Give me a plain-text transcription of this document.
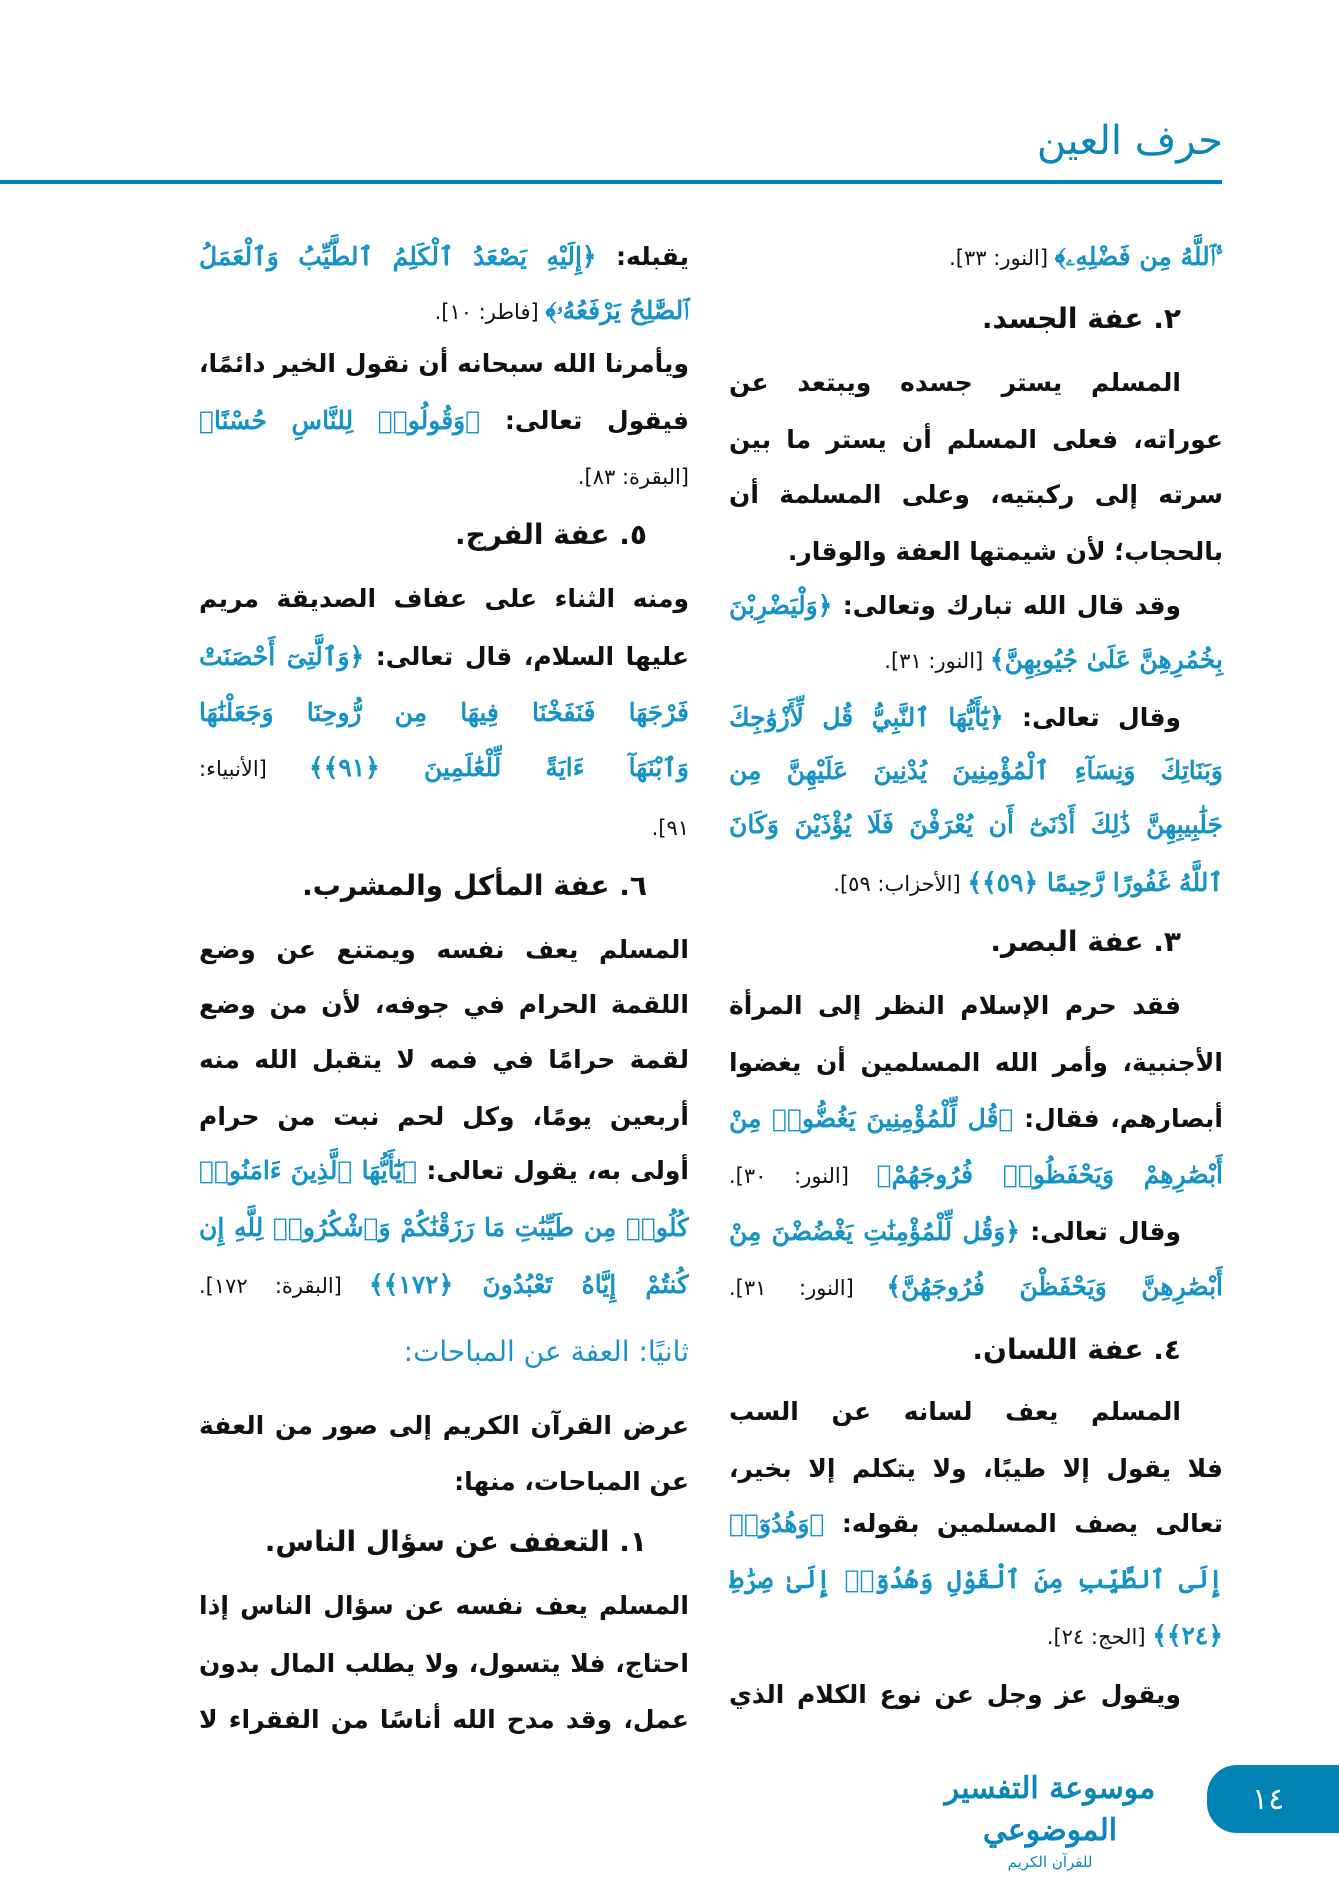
حرف العين
ﱡٱللَّهُ مِن فَضْلِهِۦ﴾ [النور: ٣٣].
٢. عفة الجسد.
المسلم يستر جسده ويبتعد عن
عوراته، فعلى المسلم أن يستر ما بين
سرته إلى ركبتيه، وعلى المسلمة أن
بالحجاب؛ لأن شيمتها العفة والوقار.
وقد قال الله تبارك وتعالى: ﴿وَلْيَضْرِبْنَ
بِخُمُرِهِنَّ عَلَىٰ جُيُوبِهِنَّ﴾ [النور: ٣١].
وقال تعالى: ﴿يَٰٓأَيُّهَا ٱلنَّبِيُّ قُل لِّأَزْوَٰجِكَ
وَبَنَاتِكَ وَنِسَآءِ ٱلْمُؤْمِنِينَ يُدْنِينَ عَلَيْهِنَّ مِن
جَلَٰبِيبِهِنَّ ذَٰلِكَ أَدْنَىٰٓ أَن يُعْرَفْنَ فَلَا يُؤْذَيْنَ وَكَانَ
ٱللَّهُ غَفُورًا رَّحِيمًا ﴿٥٩﴾﴾ [الأحزاب: ٥٩].
٣. عفة البصر.
فقد حرم الإسلام النظر إلى المرأة
الأجنبية، وأمر الله المسلمين أن يغضوا
أبصارهم، فقال: ﴿قُل لِّلْمُؤْمِنِينَ يَغُضُّوا۟ مِنْ
أَبْصَٰرِهِمْ وَيَحْفَظُوا۟ فُرُوجَهُمْ﴾ [النور: ٣٠].
وقال تعالى: ﴿وَقُل لِّلْمُؤْمِنَٰتِ يَغْضُضْنَ مِنْ
أَبْصَٰرِهِنَّ وَيَحْفَظْنَ فُرُوجَهُنَّ﴾ [النور: ٣١].
٤. عفة اللسان.
المسلم يعف لسانه عن السب
فلا يقول إلا طيبًا، ولا يتكلم إلا بخير،
تعالى يصف المسلمين بقوله: ﴿وَهُدُوٓا۟
إِلَى ٱلطَّيِّبِ مِنَ ٱلْقَوْلِ وَهُدُوٓا۟ إِلَىٰ صِرَٰطِ
﴿٢٤﴾﴾ [الحج: ٢٤].
ويقول عز وجل عن نوع الكلام الذي
يقبله: ﴿إِلَيْهِ يَصْعَدُ ٱلْكَلِمُ ٱلطَّيِّبُ وَٱلْعَمَلُ
ٱلصَّٰلِحُ يَرْفَعُهُۥ﴾ [فاطر: ١٠].
ويأمرنا الله سبحانه أن نقول الخير دائمًا،
فيقول تعالى: ﴿وَقُولُوا۟ لِلنَّاسِ حُسْنًا﴾
[البقرة: ٨٣].
٥. عفة الفرج.
ومنه الثناء على عفاف الصديقة مريم
عليها السلام، قال تعالى: ﴿وَٱلَّتِىٓ أَحْصَنَتْ
فَرْجَهَا فَنَفَخْنَا فِيهَا مِن رُّوحِنَا وَجَعَلْنَٰهَا
وَٱبْنَهَآ ءَايَةً لِّلْعَٰلَمِينَ ﴿٩١﴾﴾ [الأنبياء:
٩١].
٦. عفة المأكل والمشرب.
المسلم يعف نفسه ويمتنع عن وضع
اللقمة الحرام في جوفه، لأن من وضع
لقمة حرامًا في فمه لا يتقبل الله منه
أربعين يومًا، وكل لحم نبت من حرام
أولى به، يقول تعالى: ﴿يَٰٓأَيُّهَا ٱلَّذِينَ ءَامَنُوا۟
كُلُوا۟ مِن طَيِّبَٰتِ مَا رَزَقْنَٰكُمْ وَٱشْكُرُوا۟ لِلَّهِ إِن
كُنتُمْ إِيَّاهُ تَعْبُدُونَ ﴿١٧٢﴾﴾ [البقرة: ١٧٢].
ثانيًا: العفة عن المباحات:
عرض القرآن الكريم إلى صور من العفة
عن المباحات، منها:
١. التعفف عن سؤال الناس.
المسلم يعف نفسه عن سؤال الناس إذا
احتاج، فلا يتسول، ولا يطلب المال بدون
عمل، وقد مدح الله أناسًا من الفقراء لا
موسوعة التفسير الموضوعي
للقرآن الكريم
١٤
